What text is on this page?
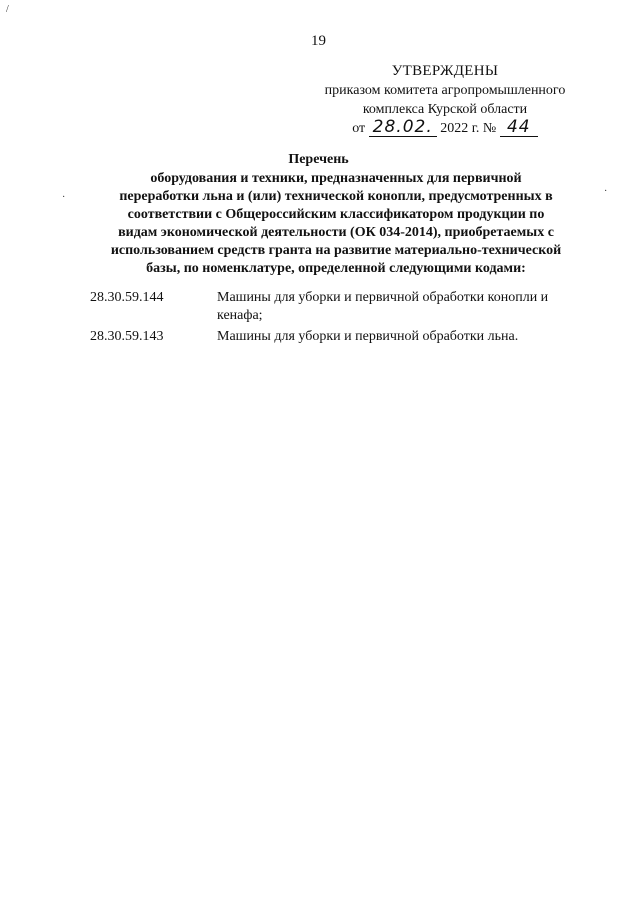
/
19
УТВЕРЖДЕНЫ
приказом комитета агропромышленного
комплекса Курской области
от 28.02. 2022 г. № 44
Перечень
оборудования и техники, предназначенных для первичной
переработки льна и (или) технической конопли, предусмотренных в
соответствии с Общероссийским классификатором продукции по
видам экономической деятельности (ОК 034-2014), приобретаемых с
использованием средств гранта на развитие материально-технической
базы, по номенклатуре, определенной следующими кодами:
·
·
28.30.59.144	Машины для уборки и первичной обработки конопли и
кенафа;
28.30.59.143	Машины для уборки и первичной обработки льна.
